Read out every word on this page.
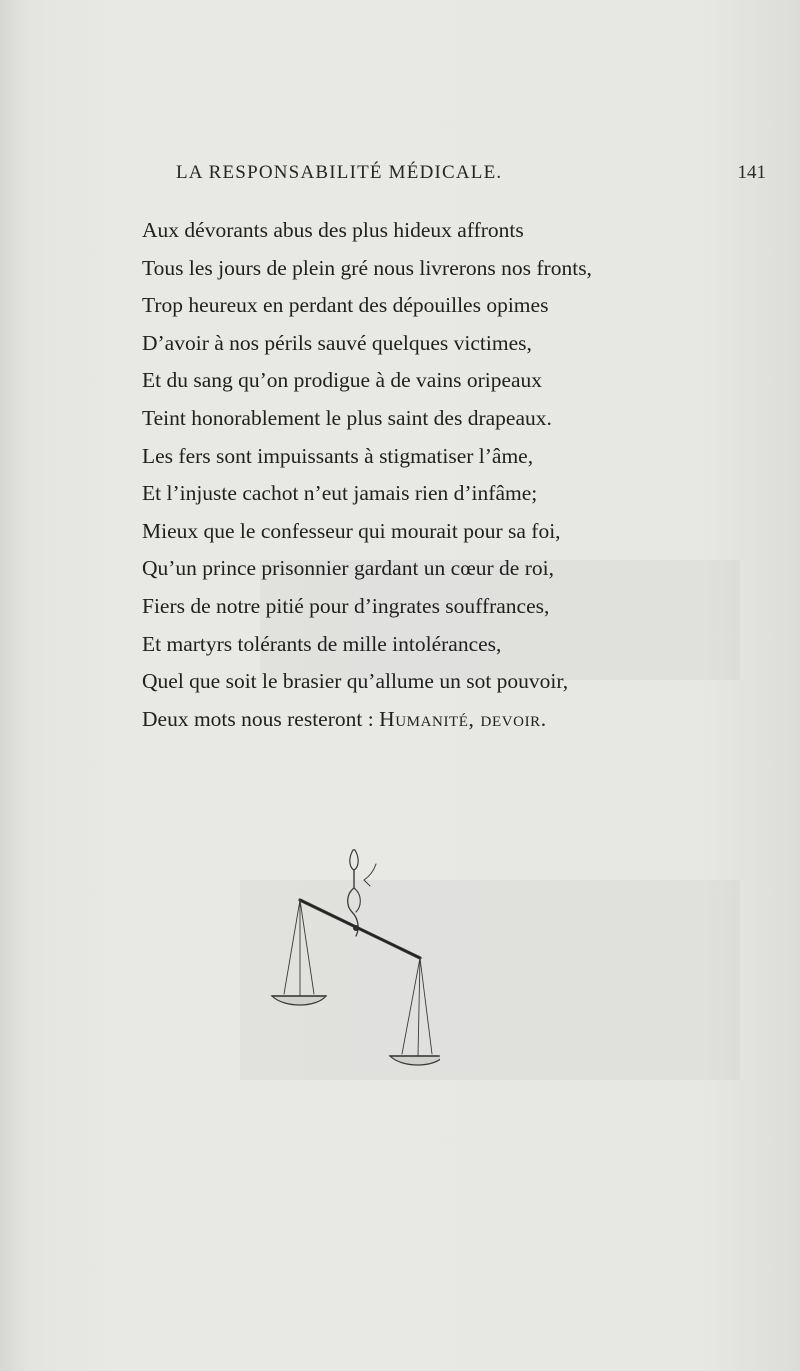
LA RESPONSABILITÉ MÉDICALE.	141
Aux dévorants abus des plus hideux affronts
Tous les jours de plein gré nous livrerons nos fronts,
Trop heureux en perdant des dépouilles opimes
D’avoir à nos périls sauvé quelques victimes,
Et du sang qu’on prodigue à de vains oripeaux
Teint honorablement le plus saint des drapeaux.
Les fers sont impuissants à stigmatiser l’âme,
Et l’injuste cachot n’eut jamais rien d’infâme;
Mieux que le confesseur qui mourait pour sa foi,
Qu’un prince prisonnier gardant un cœur de roi,
Fiers de notre pitié pour d’ingrates souffrances,
Et martyrs tolérants de mille intolérances,
Quel que soit le brasier qu’allume un sot pouvoir,
Deux mots nous resteront : Humanité, devoir.
